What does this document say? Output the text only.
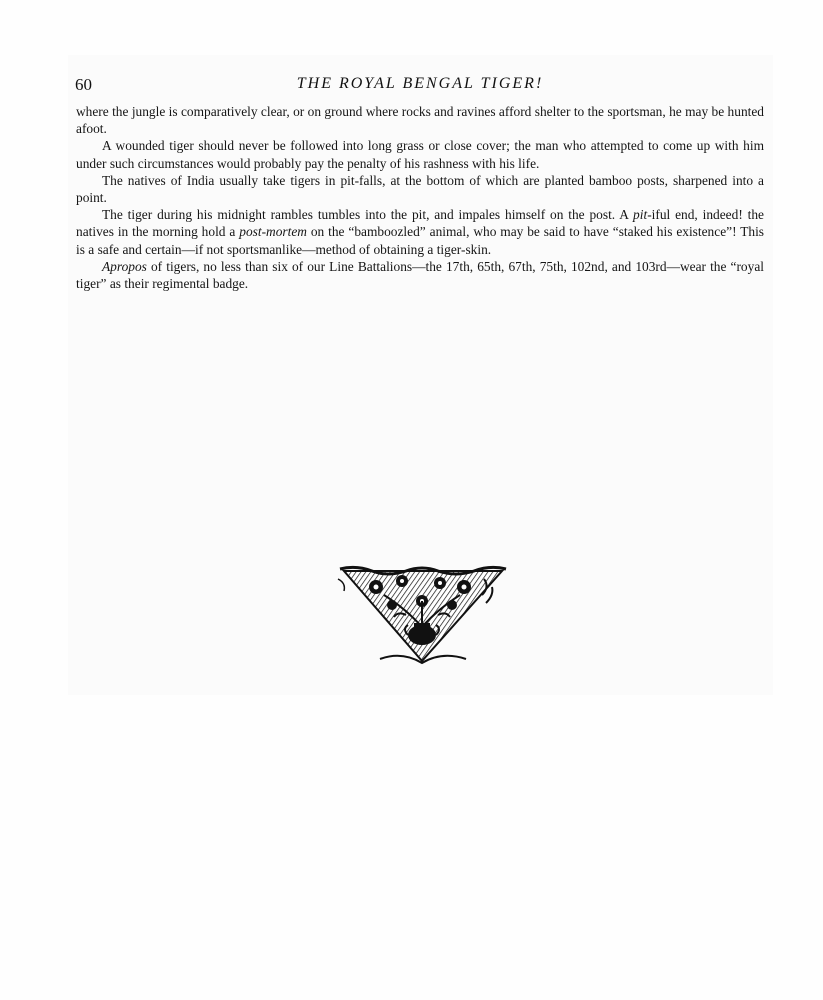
60	THE ROYAL BENGAL TIGER!

where the jungle is comparatively clear, or on ground where rocks and ravines afford shelter to the sportsman, he may be hunted afoot.

A wounded tiger should never be followed into long grass or close cover; the man who attempted to come up with him under such circumstances would probably pay the penalty of his rashness with his life.

The natives of India usually take tigers in pit-falls, at the bottom of which are planted bamboo posts, sharpened into a point.

The tiger during his midnight rambles tumbles into the pit, and impales himself on the post. A pit-iful end, indeed! the natives in the morning hold a post-mortem on the “bamboozled” animal, who may be said to have “staked his existence”! This is a safe and certain—if not sportsmanlike—method of obtaining a tiger-skin.

Apropos of tigers, no less than six of our Line Battalions—the 17th, 65th, 67th, 75th, 102nd, and 103rd—wear the “royal tiger” as their regimental badge.
